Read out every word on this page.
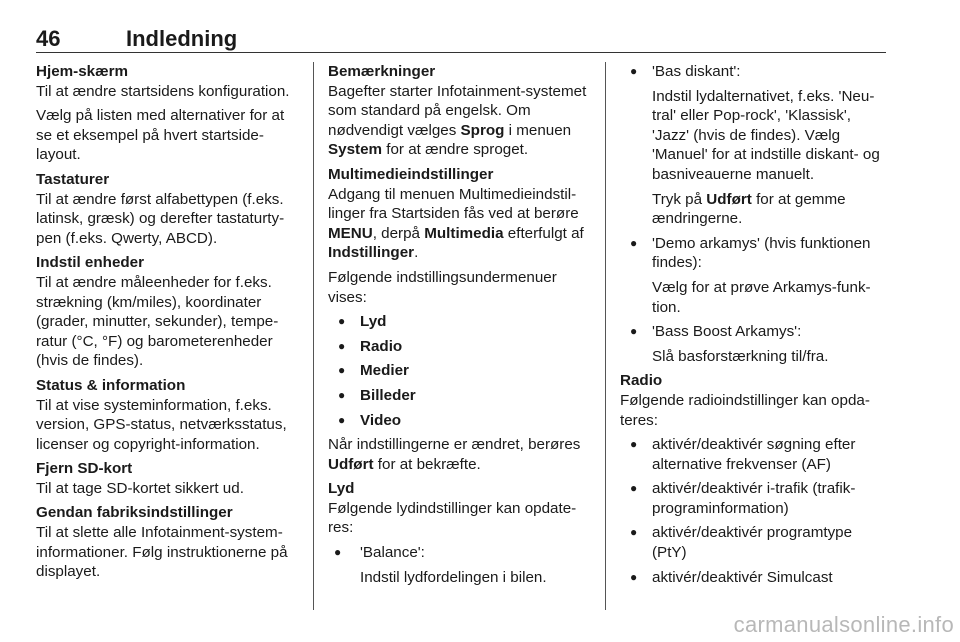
46	Indledning
Hjem-skærm

Til at ændre startsidens konfiguration.

Vælg på listen med alternativer for at se et eksempel på hvert startsidelayout.

Tastaturer

Til at ændre først alfabettypen (f.eks. latinsk, græsk) og derefter tastaturtypen (f.eks. Qwerty, ABCD).

Indstil enheder

Til at ændre måleenheder for f.eks. strækning (km/miles), koordinater (grader, minutter, sekunder), temperatur (°C, °F) og barometerenheder (hvis de findes).

Status & information

Til at vise systeminformation, f.eks. version, GPS-status, netværksstatus, licenser og copyright-information.

Fjern SD-kort

Til at tage SD-kortet sikkert ud.

Gendan fabriksindstillinger

Til at slette alle Infotainment-systeminformationer. Følg instruktionerne på displayet.

Bemærkninger

Bagefter starter Infotainment-systemet som standard på engelsk. Om nødvendigt vælges Sprog i menuen System for at ændre sproget.

Multimedieindstillinger

Adgang til menuen Multimedieindstillinger fra Startsiden fås ved at berøre MENU, derpå Multimedia efterfulgt af Indstillinger.

Følgende indstillingsundermenuer vises:

● Lyd
● Radio
● Medier
● Billeder
● Video

Når indstillingerne er ændret, berøres Udført for at bekræfte.

Lyd

Følgende lydindstillinger kan opdateres:

● 'Balance':

Indstil lydfordelingen i bilen.

● 'Bas diskant':

Indstil lydalternativet, f.eks. 'Neutral' eller Pop-rock', 'Klassisk', 'Jazz' (hvis de findes). Vælg 'Manuel' for at indstille diskant- og basniveauerne manuelt.

Tryk på Udført for at gemme ændringerne.

● 'Demo arkamys' (hvis funktionen findes):

Vælg for at prøve Arkamys-funktion.

● 'Bass Boost Arkamys':

Slå basforstærkning til/fra.

Radio

Følgende radioindstillinger kan opdateres:

● aktivér/deaktivér søgning efter alternative frekvenser (AF)
● aktivér/deaktivér i-trafik (trafikprograminformation)
● aktivér/deaktivér programtype (PtY)
● aktivér/deaktivér Simulcast
carmanualsonline.info
